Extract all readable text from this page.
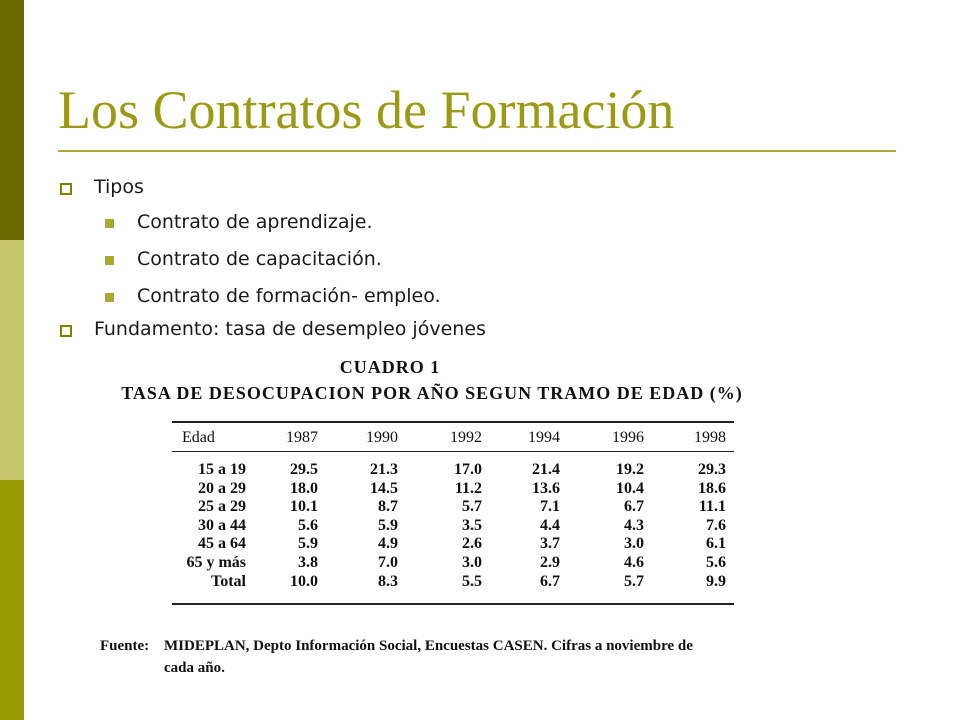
Los Contratos de Formación
Tipos
Contrato de aprendizaje.
Contrato de capacitación.
Contrato de formación- empleo.
Fundamento: tasa de desempleo jóvenes
CUADRO 1
TASA DE DESOCUPACION POR AÑO SEGUN TRAMO DE EDAD (%)
Fuente: MIDEPLAN, Depto Información Social, Encuestas CASEN. Cifras a noviembre de
cada año.
Edad	1987	1990	1992	1994	1996	1998
15 a 19	29.5	21.3	17.0	21.4	19.2	29.3
20 a 29	18.0	14.5	11.2	13.6	10.4	18.6
25 a 29	10.1	8.7	5.7	7.1	6.7	11.1
30 a 44	5.6	5.9	3.5	4.4	4.3	7.6
45 a 64	5.9	4.9	2.6	3.7	3.0	6.1
65 y más	3.8	7.0	3.0	2.9	4.6	5.6
Total	10.0	8.3	5.5	6.7	5.7	9.9
